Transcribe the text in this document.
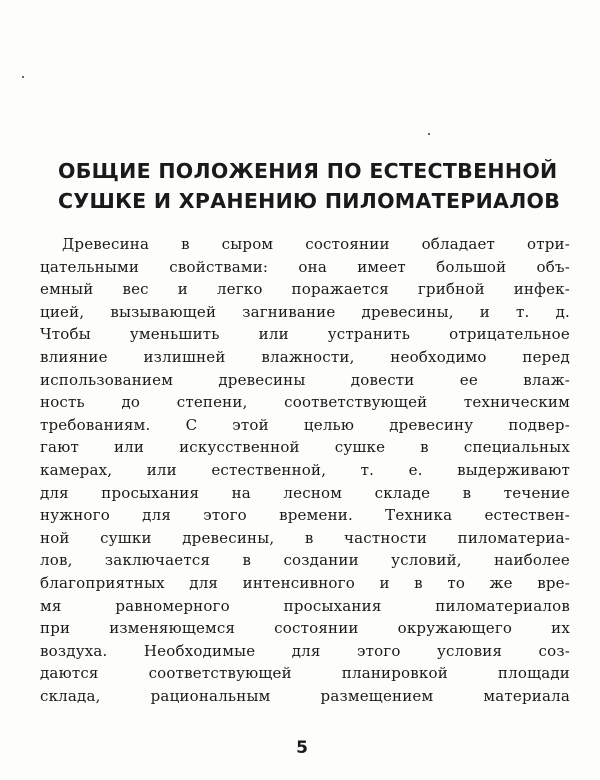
ОБЩИЕ ПОЛОЖЕНИЯ ПО ЕСТЕСТВЕННОЙ
СУШКЕ И ХРАНЕНИЮ ПИЛОМАТЕРИАЛОВ
Древесина в сыром состоянии обладает отри-
цательными свойствами: она имеет большой объ-
емный вес и легко поражается грибной инфек-
цией, вызывающей загнивание древесины, и т. д.
Чтобы уменьшить или устранить отрицательное
влияние излишней влажности, необходимо перед
использованием древесины довести ее влаж-
ность до степени, соответствующей техническим
требованиям. С этой целью древесину подвер-
гают или искусственной сушке в специальных
камерах, или естественной, т. е. выдерживают
для просыхания на лесном складе в течение
нужного для этого времени. Техника естествен-
ной сушки древесины, в частности пиломатериа-
лов, заключается в создании условий, наиболее
благоприятных для интенсивного и в то же вре-
мя равномерного просыхания пиломатериалов
при изменяющемся состоянии окружающего их
воздуха. Необходимые для этого условия соз-
даются соответствующей планировкой площади
склада, рациональным размещением материала
5
